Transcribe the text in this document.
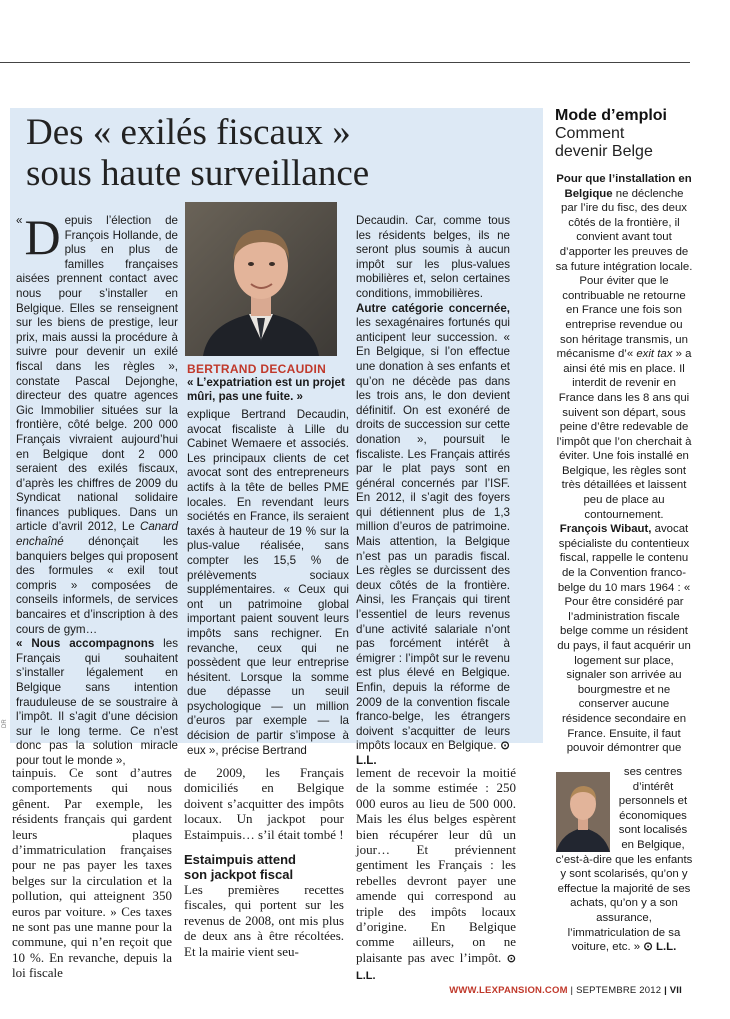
Des « exilés fiscaux »
sous haute surveillance

« D epuis l’élection de François Hollande, de plus en plus de familles françaises aisées prennent contact avec nous pour s’installer en Belgique. Elles se renseignent sur les biens de prestige, leur prix, mais aussi la procédure à suivre pour devenir un exilé fiscal dans les règles », constate Pascal Dejonghe, directeur des quatre agences Gic Immobilier situées sur la frontière, côté belge. 200 000 Français vivraient aujourd’hui en Belgique dont 2 000 seraient des exilés fiscaux, d’après les chiffres de 2009 du Syndicat national solidaire finances publiques. Dans un article d’avril 2012, Le Canard enchaîné dénonçait les banquiers belges qui proposent des formules « exil tout compris » composées de conseils informels, de services bancaires et d’inscription à des cours de gym…

« Nous accompagnons les Français qui souhaitent s’installer légalement en Belgique sans intention frauduleuse de se soustraire à l’impôt. Il s’agit d’une décision sur le long terme. Ce n’est donc pas la solution miracle pour tout le monde »,

BERTRAND DECAUDIN
« L’expatriation est un projet mûri, pas une fuite. »

explique Bertrand Decaudin, avocat fiscaliste à Lille du Cabinet Wemaere et associés. Les principaux clients de cet avocat sont des entrepreneurs actifs à la tête de belles PME locales. En revendant leurs sociétés en France, ils seraient taxés à hauteur de 19 % sur la plus-value réalisée, sans compter les 15,5 % de prélèvements sociaux supplémentaires. « Ceux qui ont un patrimoine global important paient souvent leurs impôts sans rechigner. En revanche, ceux qui ne possèdent que leur entreprise hésitent. Lorsque la somme due dépasse un seuil psychologique — un million d’euros par exemple — la décision de partir s’impose à eux », précise Bertrand

Decaudin. Car, comme tous les résidents belges, ils ne seront plus soumis à aucun impôt sur les plus-values mobilières et, selon certaines conditions, immobilières.

Autre catégorie concernée, les sexagénaires fortunés qui anticipent leur succession. « En Belgique, si l’on effectue une donation à ses enfants et qu’on ne décède pas dans les trois ans, le don devient définitif. On est exonéré de droits de succession sur cette donation », poursuit le fiscaliste. Les Français attirés par le plat pays sont en général concernés par l’ISF. En 2012, il s’agit des foyers qui détiennent plus de 1,3 million d’euros de patrimoine. Mais attention, la Belgique n’est pas un paradis fiscal. Les règles se durcissent des deux côtés de la frontière. Ainsi, les Français qui tirent l’essentiel de leurs revenus d’une activité salariale n’ont pas forcément intérêt à émigrer : l’impôt sur le revenu est plus élevé en Belgique. Enfin, depuis la réforme de 2009 de la convention fiscale franco-belge, les étrangers doivent s’acquitter de leurs impôts locaux en Belgique. ⊙ L.L.

DR
Mode d’emploi
Comment
devenir Belge

Pour que l’installation en Belgique ne déclenche par l’ire du fisc, des deux côtés de la frontière, il convient avant tout d’apporter les preuves de sa future intégration locale. Pour éviter que le contribuable ne retourne en France une fois son entreprise revendue ou son héritage transmis, un mécanisme d’« exit tax » a ainsi été mis en place. Il interdit de revenir en France dans les 8 ans qui suivent son départ, sous peine d’être redevable de l’impôt que l’on cherchait à éviter. Une fois installé en Belgique, les règles sont très détaillées et laissent peu de place au contournement.

François Wibaut, avocat spécialiste du contentieux fiscal, rappelle le contenu de la Convention franco-belge du 10 mars 1964 : « Pour être considéré par l’administration fiscale belge comme un résident du pays, il faut acquérir un logement sur place, signaler son arrivée au bourgmestre et ne conserver aucune résidence secondaire en France. Ensuite, il faut pouvoir démontrer que

ses centres d’intérêt personnels et économiques sont localisés en Belgique,

c’est-à-dire que les enfants y sont scolarisés, qu’on y effectue la majorité de ses achats, qu’on y a son assurance, l’immatriculation de sa voiture, etc. » ⊙ L.L.

tainpuis. Ce sont d’autres comportements qui nous gênent. Par exemple, les résidents français qui gardent leurs plaques d’immatriculation françaises pour ne pas payer les taxes belges sur la circulation et la pollution, qui atteignent 350 euros par voiture. » Ces taxes ne sont pas une manne pour la commune, qui n’en reçoit que 10 %. En revanche, depuis la loi fiscale

de 2009, les Français domiciliés en Belgique doivent s’acquitter des impôts locaux. Un jackpot pour Estaimpuis… s’il était tombé !

Estaimpuis attend
son jackpot fiscal

Les premières recettes fiscales, qui portent sur les revenus de 2008, ont mis plus de deux ans à être récoltées. Et la mairie vient seu-

lement de recevoir la moitié de la somme estimée : 250 000 euros au lieu de 500 000. Mais les élus belges espèrent bien récupérer leur dû un jour… Et préviennent gentiment les Français : les rebelles devront payer une amende qui correspond au triple des impôts locaux d’origine. En Belgique comme ailleurs, on ne plaisante pas avec l’impôt. ⊙ L.L.

WWW.LEXPANSION.COM | SEPTEMBRE 2012 | VII
